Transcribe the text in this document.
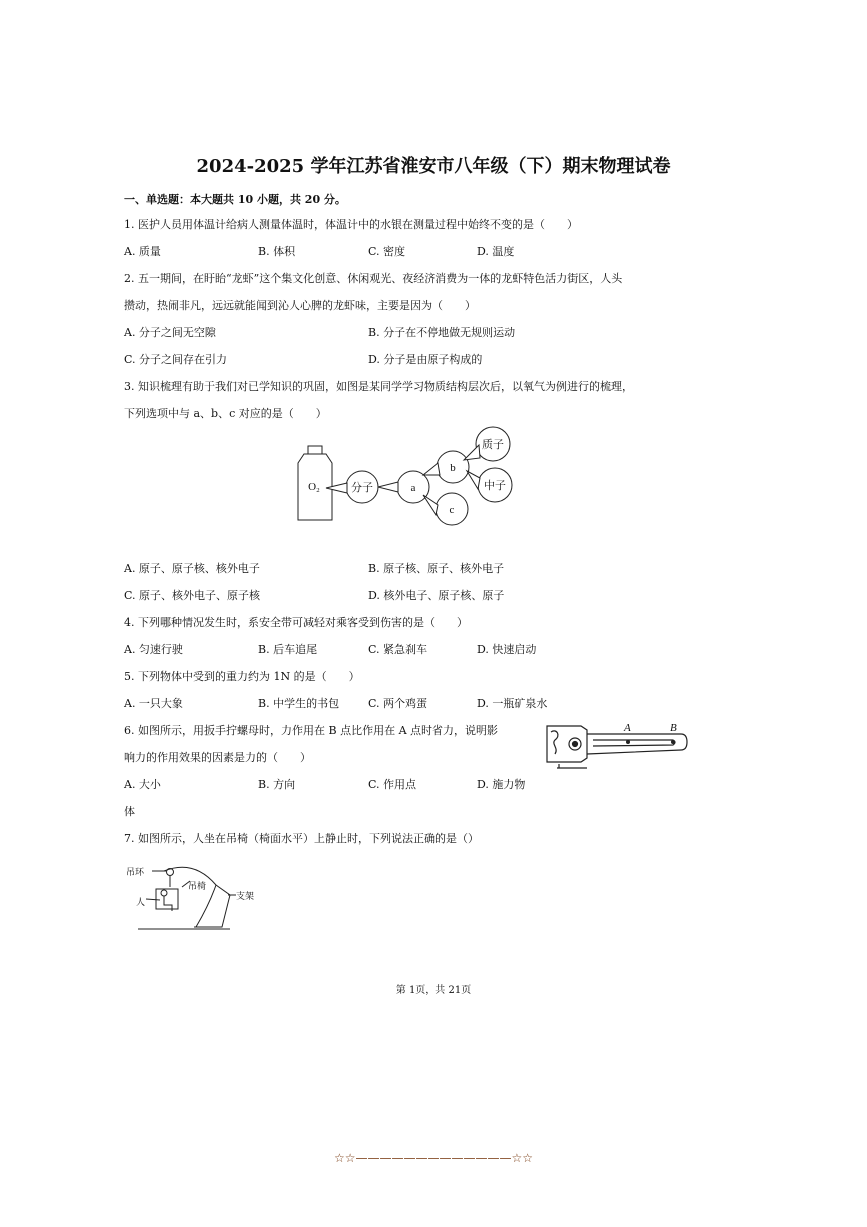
2024-2025 学年江苏省淮安市八年级（下）期末物理试卷
一、单选题：本大题共 10 小题，共 20 分。
1. 医护人员用体温计给病人测量体温时，体温计中的水银在测量过程中始终不变的是（　　）
A. 质量	B. 体积	C. 密度	D. 温度
2. 五一期间，在盱眙“龙虾”这个集文化创意、休闲观光、夜经济消费为一体的龙虾特色活力街区，人头
攒动，热闹非凡，远远就能闻到沁人心脾的龙虾味，主要是因为（　　）
A. 分子之间无空隙	B. 分子在不停地做无规则运动
C. 分子之间存在引力	D. 分子是由原子构成的
3. 知识梳理有助于我们对已学知识的巩固，如图是某同学学习物质结构层次后，以氧气为例进行的梳理，
下列选项中与 a、b、c 对应的是（　　）
O₂	分子	a
b
c
质子
中子
A. 原子、原子核、核外电子	B. 原子核、原子、核外电子
C. 原子、核外电子、原子核	D. 核外电子、原子核、原子
4. 下列哪种情况发生时，系安全带可减轻对乘客受到伤害的是（　　）
A. 匀速行驶	B. 后车追尾	C. 紧急刹车	D. 快速启动
5. 下列物体中受到的重力约为 1N 的是（　　）
A. 一只大象	B. 中学生的书包	C. 两个鸡蛋	D. 一瓶矿泉水
6. 如图所示，用扳手拧螺母时，力作用在 B 点比作用在 A 点时省力，说明影
响力的作用效果的因素是力的（　　）
A	B
A. 大小	B. 方向	C. 作用点	D. 施力物
体
7. 如图所示，人坐在吊椅（椅面水平）上静止时，下列说法正确的是（）
吊环
吊椅
人
支架
第 1页，共 21页
☆☆—————————————☆☆
